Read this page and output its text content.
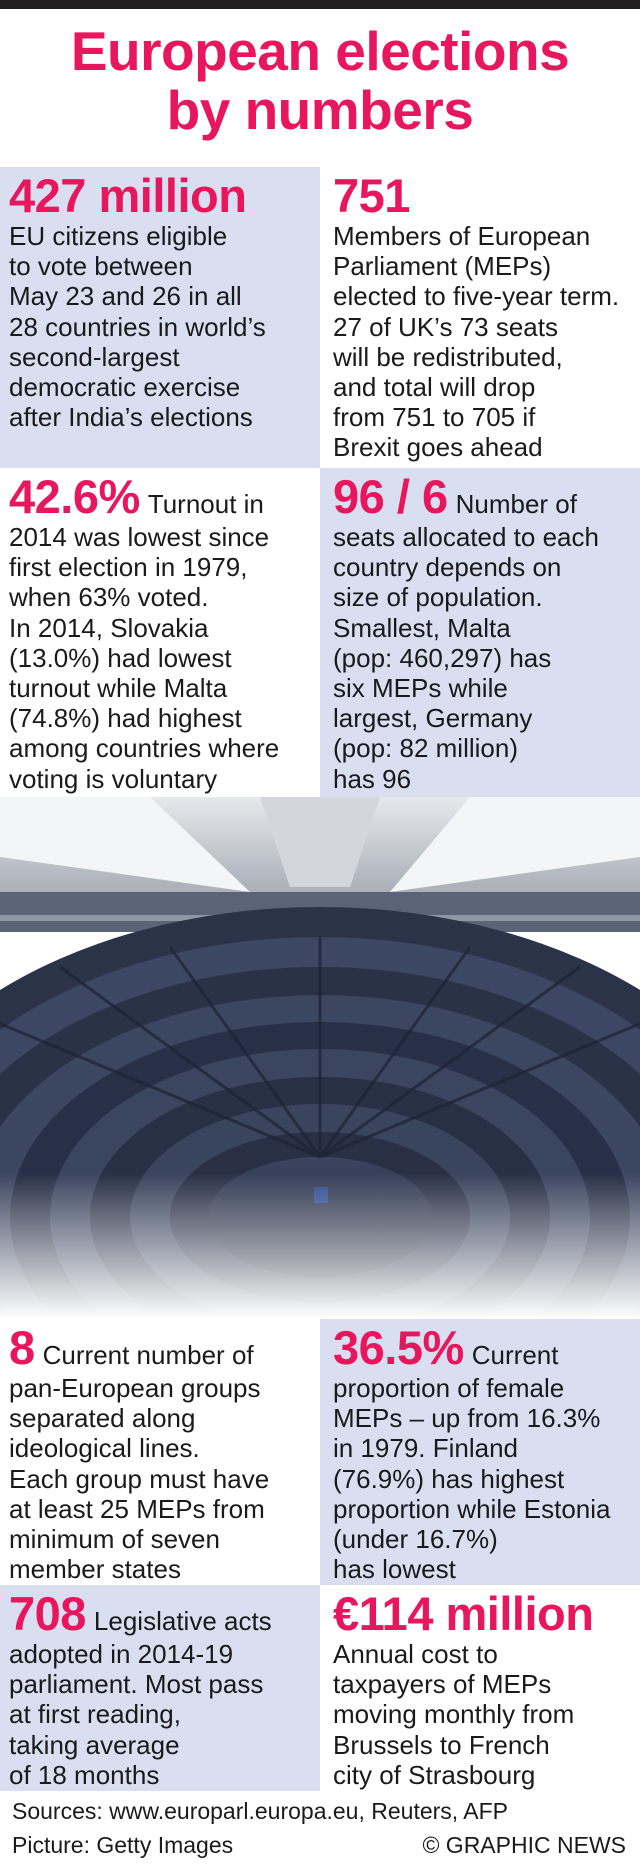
European elections
by numbers
427 million
EU citizens eligible
to vote between
May 23 and 26 in all
28 countries in world’s
second-largest
democratic exercise
after India’s elections
751
Members of European
Parliament (MEPs)
elected to five-year term.
27 of UK’s 73 seats
will be redistributed,
and total will drop
from 751 to 705 if
Brexit goes ahead
42.6% Turnout in
2014 was lowest since
first election in 1979,
when 63% voted.
In 2014, Slovakia
(13.0%) had lowest
turnout while Malta
(74.8%) had highest
among countries where
voting is voluntary
96 / 6 Number of
seats allocated to each
country depends on
size of population.
Smallest, Malta
(pop: 460,297) has
six MEPs while
largest, Germany
(pop: 82 million)
has 96
8 Current number of
pan-European groups
separated along
ideological lines.
Each group must have
at least 25 MEPs from
minimum of seven
member states
36.5% Current
proportion of female
MEPs – up from 16.3%
in 1979. Finland
(76.9%) has highest
proportion while Estonia
(under 16.7%)
has lowest
708 Legislative acts
adopted in 2014-19
parliament. Most pass
at first reading,
taking average
of 18 months
€114 million
Annual cost to
taxpayers of MEPs
moving monthly from
Brussels to French
city of Strasbourg
Sources: www.europarl.europa.eu, Reuters, AFP
Picture: Getty Images	© GRAPHIC NEWS
